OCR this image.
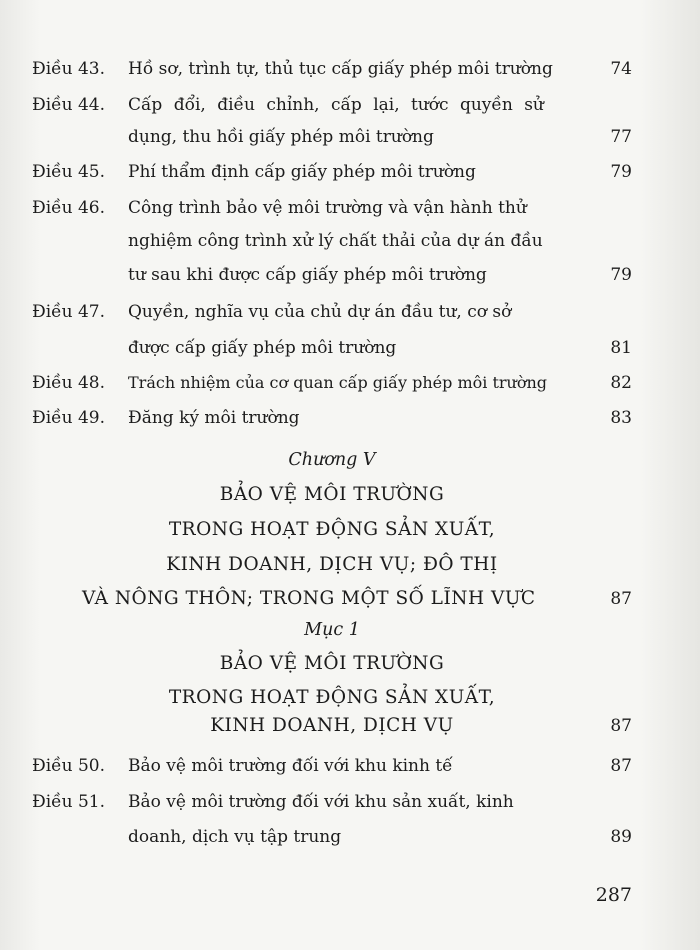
Điều 43. Hồ sơ, trình tự, thủ tục cấp giấy phép môi trường	74
Điều 44. Cấp đổi, điều chỉnh, cấp lại, tước quyền sử
dụng, thu hồi giấy phép môi trường	77
Điều 45. Phí thẩm định cấp giấy phép môi trường	79
Điều 46. Công trình bảo vệ môi trường và vận hành thử
nghiệm công trình xử lý chất thải của dự án đầu
tư sau khi được cấp giấy phép môi trường	79
Điều 47. Quyền, nghĩa vụ của chủ dự án đầu tư, cơ sở
được cấp giấy phép môi trường	81
Điều 48. Trách nhiệm của cơ quan cấp giấy phép môi trường	82
Điều 49. Đăng ký môi trường	83
Chương V
BẢO VỆ MÔI TRƯỜNG
TRONG HOẠT ĐỘNG SẢN XUẤT,
KINH DOANH, DỊCH VỤ; ĐÔ THỊ
VÀ NÔNG THÔN; TRONG MỘT SỐ LĨNH VỰC	87
Mục 1
BẢO VỆ MÔI TRƯỜNG
TRONG HOẠT ĐỘNG SẢN XUẤT,
KINH DOANH, DỊCH VỤ	87
Điều 50. Bảo vệ môi trường đối với khu kinh tế	87
Điều 51. Bảo vệ môi trường đối với khu sản xuất, kinh
doanh, dịch vụ tập trung	89
287
